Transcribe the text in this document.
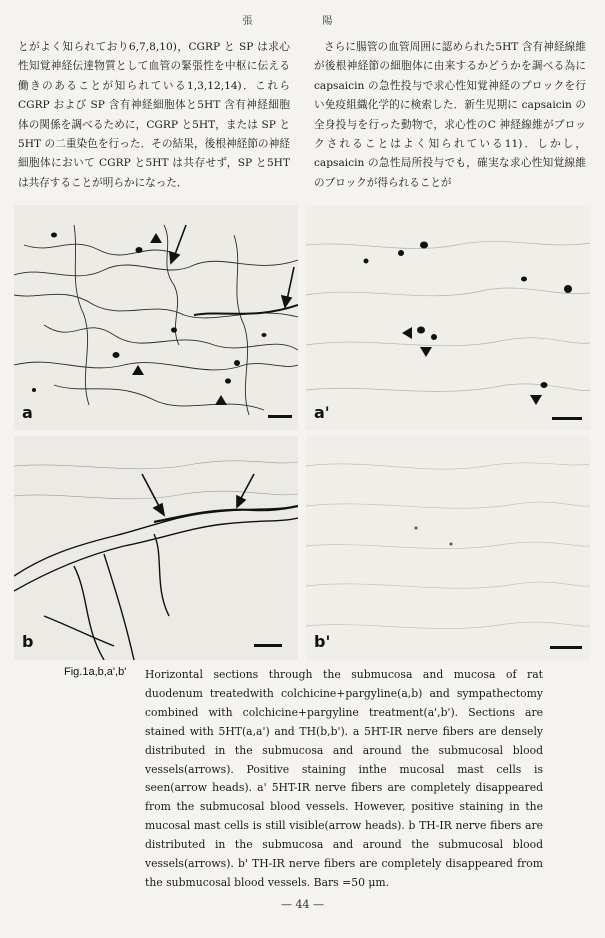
張　陽

とがよく知られており6,7,8,10)，CGRP と SP は求心性知覚神経伝達物質として血管の緊張性を中枢に伝える働きのあることが知られている1,3,12,14)．これらCGRP および SP 含有神経細胞体と5HT 含有神経細胞体の関係を調べるために，CGRP と5HT，または SP と5HT の二重染色を行った．その結果，後根神経節の神経細胞体において CGRP と5HT は共存せず，SP と5HT は共存することが明らかになった．

さらに腸管の血管周囲に認められた5HT 含有神経線維が後根神経節の細胞体に由来するかどうかを調べる為に capsaicin の急性投与で求心性知覚神経のブロックを行い免疫組織化学的に検索した．新生児期に capsaicin の全身投与を行った動物で，求心性のC 神経線維がブロックされることはよく知られている11)．しかし，capsaicin の急性局所投与でも，確実な求心性知覚線維のブロックが得られることが

a	a'
b	b'
Fig.1a,b,a',b'	Horizontal sections through the submucosa and mucosa of rat duodenum treatedwith colchicine+pargyline(a,b) and sympathectomy combined with colchicine+pargyline treatment(a',b'). Sections are stained with 5HT(a,a') and TH(b,b'). a 5HT-IR nerve fibers are densely distributed in the submucosa and around the submucosal blood vessels(arrows). Positive staining inthe mucosal mast cells is seen(arrow heads). a' 5HT-IR nerve fibers are completely disappeared from the submucosal blood vessels. However, positive staining in the mucosal mast cells is still visible(arrow heads). b TH-IR nerve fibers are distributed in the submucosa and around the submucosal blood vessels(arrows). b' TH-IR nerve fibers are completely disappeared from the submucosal blood vessels. Bars =50 μm.
— 44 —
